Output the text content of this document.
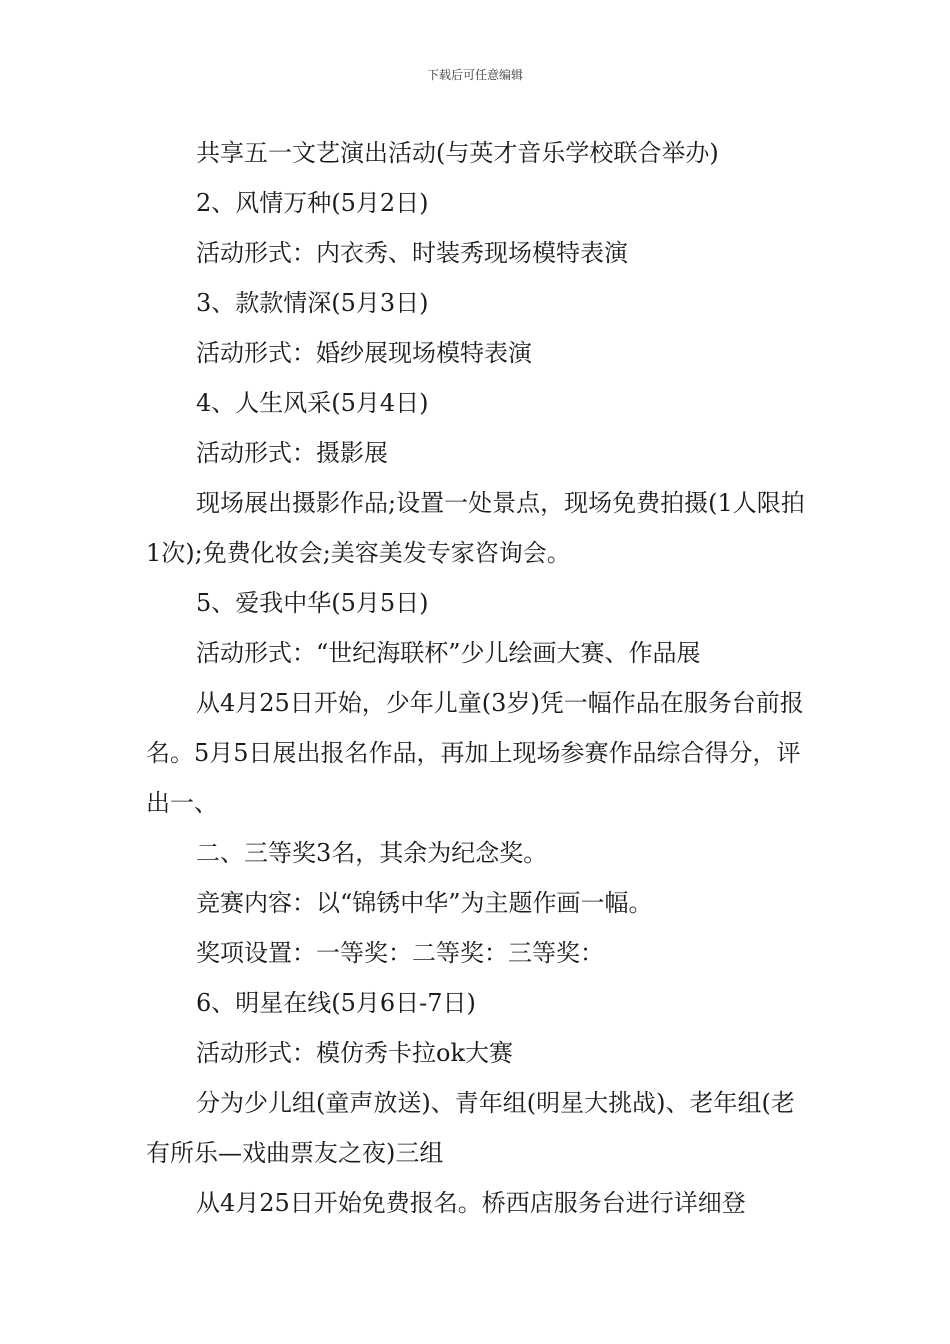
下载后可任意编辑

共享五一文艺演出活动(与英才音乐学校联合举办)

2、风情万种(5月2日)

活动形式：内衣秀、时装秀现场模特表演

3、款款情深(5月3日)

活动形式：婚纱展现场模特表演

4、人生风采(5月4日)

活动形式：摄影展

现场展出摄影作品;设置一处景点，现场免费拍摄(1人限拍1次);免费化妆会;美容美发专家咨询会。

5、爱我中华(5月5日)

活动形式：“世纪海联杯”少儿绘画大赛、作品展

从4月25日开始，少年儿童(3岁)凭一幅作品在服务台前报名。5月5日展出报名作品，再加上现场参赛作品综合得分，评出一、

二、三等奖3名，其余为纪念奖。

竞赛内容：以“锦锈中华”为主题作画一幅。

奖项设置：一等奖：二等奖：三等奖：

6、明星在线(5月6日-7日)

活动形式：模仿秀卡拉ok大赛

分为少儿组(童声放送)、青年组(明星大挑战)、老年组(老有所乐—戏曲票友之夜)三组

从4月25日开始免费报名。桥西店服务台进行详细登
